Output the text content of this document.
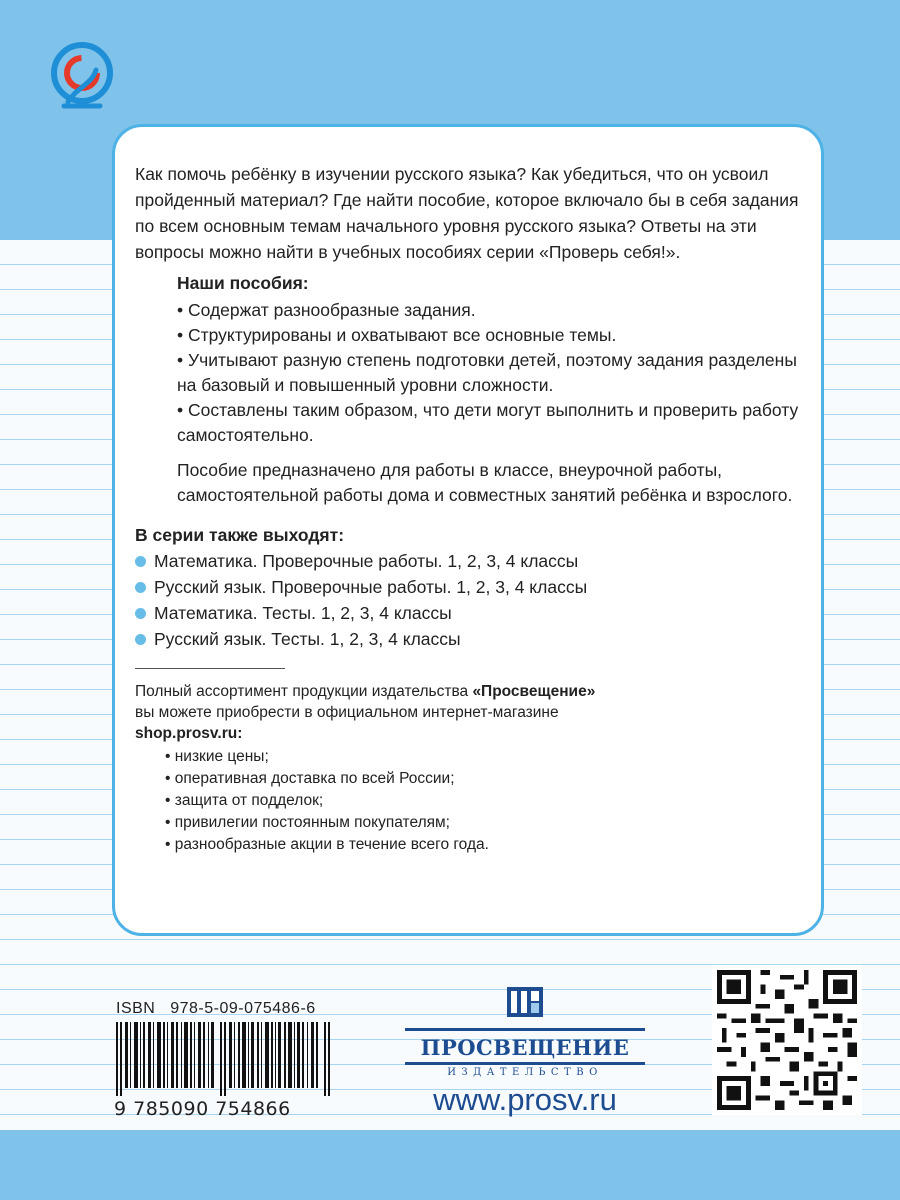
Как помочь ребёнку в изучении русского языка? Как убедиться, что он усвоил пройденный материал? Где найти пособие, которое включало бы в себя задания по всем основным темам начального уровня русского языка? Ответы на эти вопросы можно найти в учебных пособиях серии «Проверь себя!».

Наши пособия:

• Содержат разнообразные задания.

• Структурированы и охватывают все основные темы.

• Учитывают разную степень подготовки детей, поэтому задания разделены на базовый и повышенный уровни сложности.

• Составлены таким образом, что дети могут выполнить и проверить работу самостоятельно.

Пособие предназначено для работы в классе, внеурочной работы, самостоятельной работы дома и совместных занятий ребёнка и взрослого.

В серии также выходят:
Математика. Проверочные работы. 1, 2, 3, 4 классы
Русский язык. Проверочные работы. 1, 2, 3, 4 классы
Математика. Тесты. 1, 2, 3, 4 классы
Русский язык. Тесты. 1, 2, 3, 4 классы
Полный ассортимент продукции издательства «Просвещение»
вы можете приобрести в официальном интернет-магазине
shop.prosv.ru:
• низкие цены;
• оперативная доставка по всей России;
• защита от подделок;
• привилегии постоянным покупателям;
• разнообразные акции в течение всего года.
ISBN 978-5-09-075486-6
9 785090 754866
ПРОСВЕЩЕНИЕ
ИЗДАТЕЛЬСТВО
www.prosv.ru
